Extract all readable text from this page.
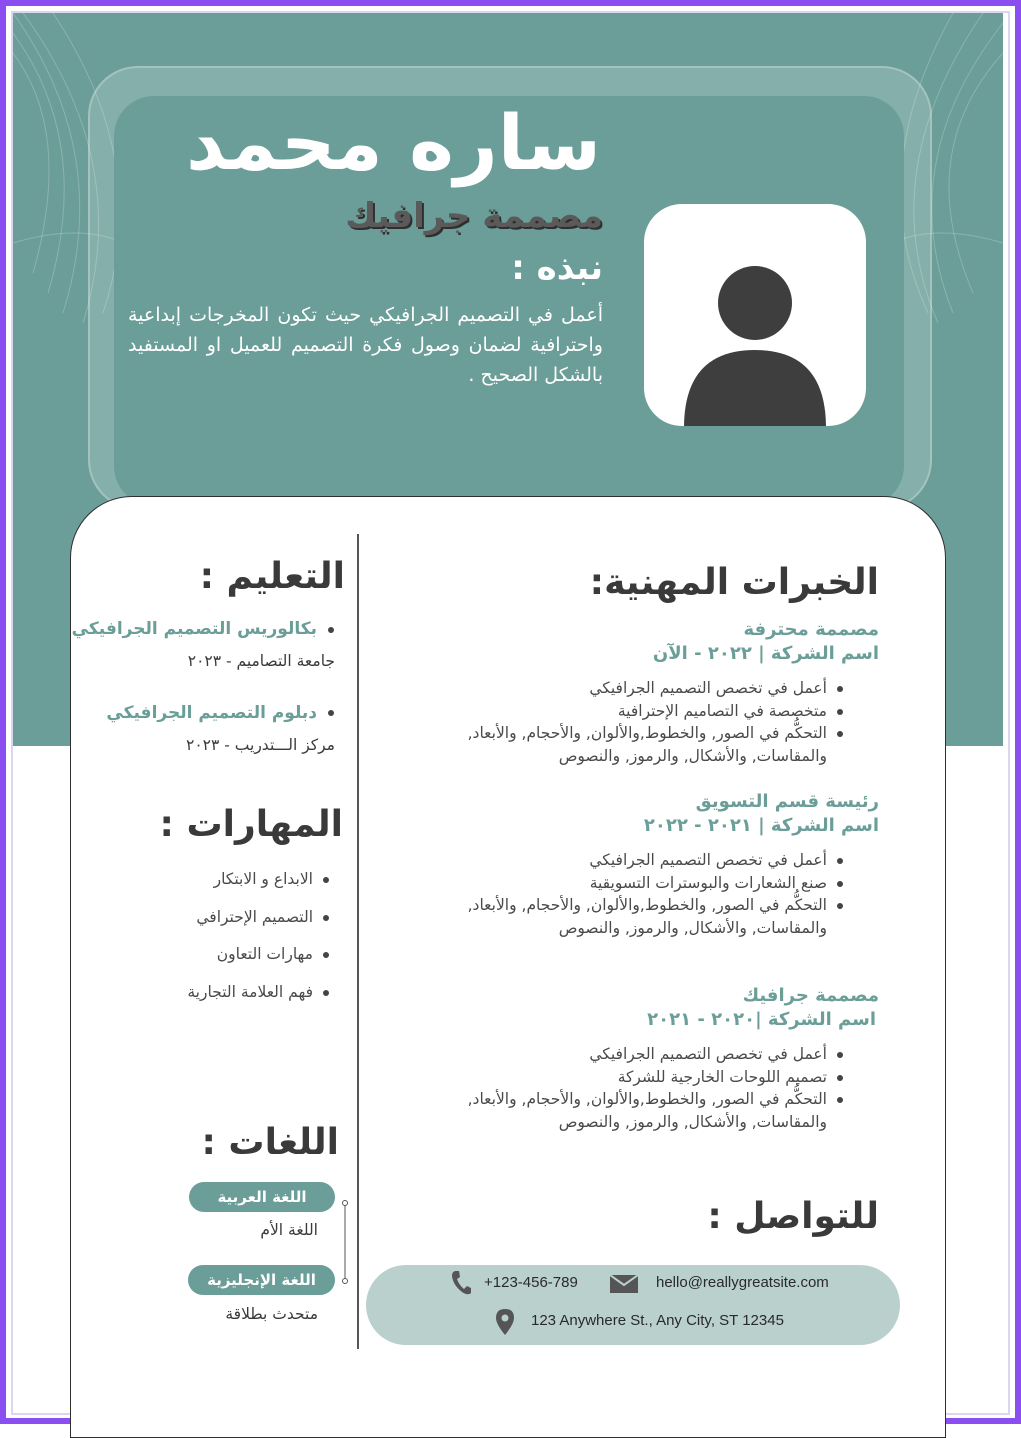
ساره محمد
مصممة جرافيك
نبذه :
أعمل في التصميم الجرافيكي حيث تكون المخرجات إبداعية واحترافية لضمان وصول فكرة التصميم للعميل او المستفيد بالشكل الصحيح .
التعليم :
بكالوريس التصميم الجرافيكي
جامعة التصاميم - ٢٠٢٣
دبلوم التصميم الجرافيكي
مركز الـــتدريب - ٢٠٢٣
المهارات :
الابداع و الابتكار
التصميم الإحترافي
مهارات التعاون
فهم العلامة التجارية
اللغات :
اللغة العربية
اللغة الأم
اللغة الإنجليزية
متحدث بطلاقة
الخبرات المهنية:
مصممة محترفة
اسم الشركة | ٢٠٢٢ - الآن
أعمل في تخصص التصميم الجرافيكي
متخصصة في التصاميم الإحترافية
التحكُّم في الصور, والخطوط,والألوان, والأحجام, والأبعاد,
والمقاسات, والأشكال, والرموز, والنصوص
رئيسة قسم التسويق
اسم الشركة | ٢٠٢١ - ٢٠٢٢
أعمل في تخصص التصميم الجرافيكي
صنع الشعارات والبوسترات التسويقية
التحكُّم في الصور, والخطوط,والألوان, والأحجام, والأبعاد,
والمقاسات, والأشكال, والرموز, والنصوص
مصممة جرافيك
اسم الشركة |٢٠٢٠ - ٢٠٢١
أعمل في تخصص التصميم الجرافيكي
تصميم اللوحات الخارجية للشركة
التحكُّم في الصور, والخطوط,والألوان, والأحجام, والأبعاد,
والمقاسات, والأشكال, والرموز, والنصوص
للتواصل :
+123-456-789	hello@reallygreatsite.com
123 Anywhere St., Any City, ST 12345
